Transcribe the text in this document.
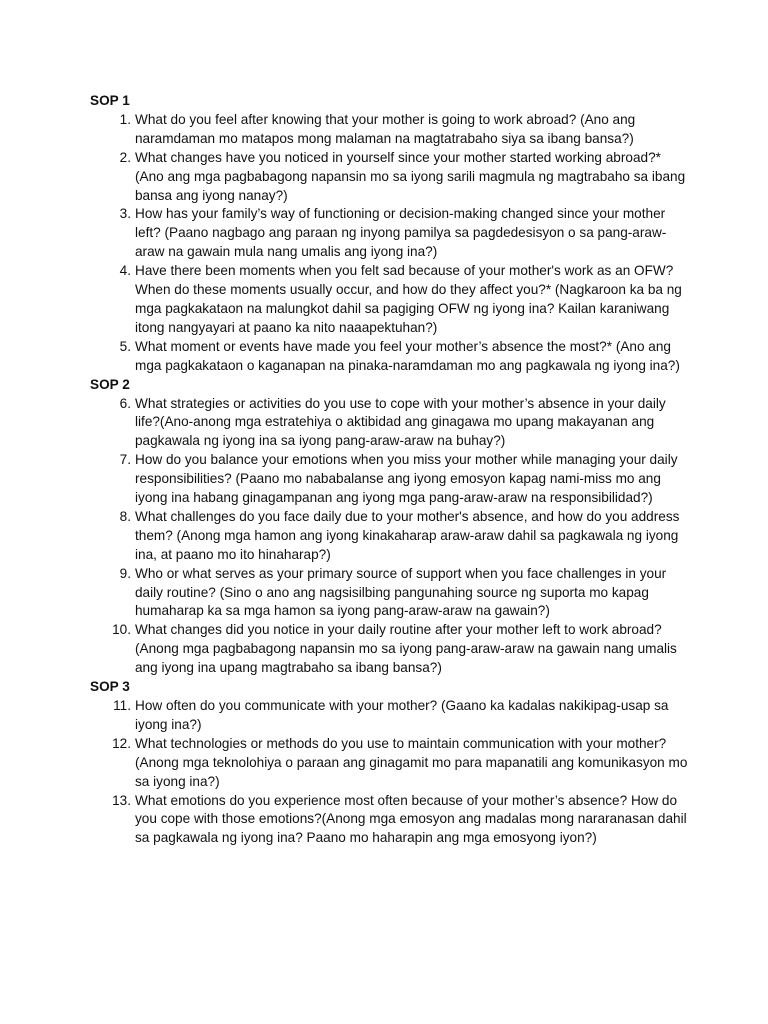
SOP 1
1. What do you feel after knowing that your mother is going to work abroad? (Ano ang naramdaman mo matapos mong malaman na magtatrabaho siya sa ibang bansa?)
2. What changes have you noticed in yourself since your mother started working abroad?* (Ano ang mga pagbabagong napansin mo sa iyong sarili magmula ng magtrabaho sa ibang bansa ang iyong nanay?)
3. How has your family’s way of functioning or decision-making changed since your mother left? (Paano nagbago ang paraan ng inyong pamilya sa pagdedesisyon o sa pang-araw-araw na gawain mula nang umalis ang iyong ina?)
4. Have there been moments when you felt sad because of your mother's work as an OFW? When do these moments usually occur, and how do they affect you?* (Nagkaroon ka ba ng mga pagkakataon na malungkot dahil sa pagiging OFW ng iyong ina? Kailan karaniwang itong nangyayari at paano ka nito naaapektuhan?)
5. What moment or events have made you feel your mother’s absence the most?* (Ano ang mga pagkakataon o kaganapan na pinaka-naramdaman mo ang pagkawala ng iyong ina?)
SOP 2
6. What strategies or activities do you use to cope with your mother’s absence in your daily life?(Ano-anong mga estratehiya o aktibidad ang ginagawa mo upang makayanan ang pagkawala ng iyong ina sa iyong pang-araw-araw na buhay?)
7. How do you balance your emotions when you miss your mother while managing your daily responsibilities? (Paano mo nababalanse ang iyong emosyon kapag nami-miss mo ang iyong ina habang ginagampanan ang iyong mga pang-araw-araw na responsibilidad?)
8. What challenges do you face daily due to your mother's absence, and how do you address them? (Anong mga hamon ang iyong kinakaharap araw-araw dahil sa pagkawala ng iyong ina, at paano mo ito hinaharap?)
9. Who or what serves as your primary source of support when you face challenges in your daily routine? (Sino o ano ang nagsisilbing pangunahing source ng suporta mo kapag humaharap ka sa mga hamon sa iyong pang-araw-araw na gawain?)
10. What changes did you notice in your daily routine after your mother left to work abroad? (Anong mga pagbabagong napansin mo sa iyong pang-araw-araw na gawain nang umalis ang iyong ina upang magtrabaho sa ibang bansa?)
SOP 3
11. How often do you communicate with your mother? (Gaano ka kadalas nakikipag-usap sa iyong ina?)
12. What technologies or methods do you use to maintain communication with your mother?(Anong mga teknolohiya o paraan ang ginagamit mo para mapanatili ang komunikasyon mo sa iyong ina?)
13. What emotions do you experience most often because of your mother’s absence? How do you cope with those emotions?(Anong mga emosyon ang madalas mong nararanasan dahil sa pagkawala ng iyong ina? Paano mo haharapin ang mga emosyong iyon?)
